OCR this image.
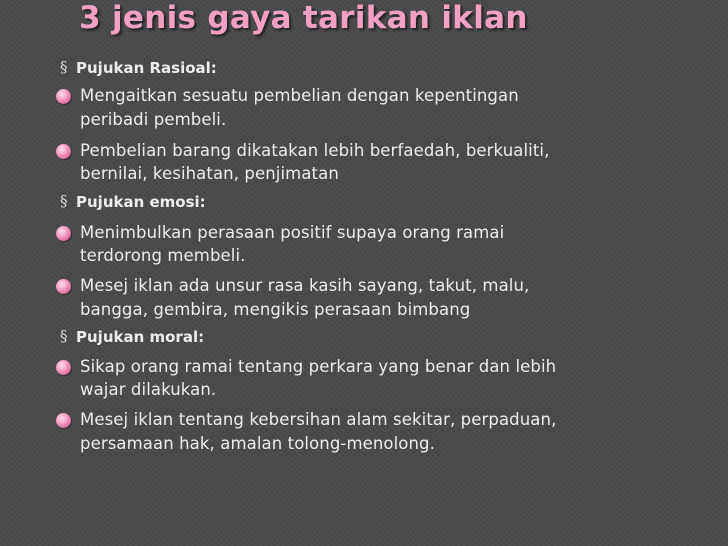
3 jenis gaya tarikan iklan
§ Pujukan Rasioal:
Mengaitkan sesuatu pembelian dengan kepentingan
peribadi pembeli.
Pembelian barang dikatakan lebih berfaedah, berkualiti,
bernilai, kesihatan, penjimatan
§ Pujukan emosi:
Menimbulkan perasaan positif supaya orang ramai
terdorong membeli.
Mesej iklan ada unsur rasa kasih sayang, takut, malu,
bangga, gembira, mengikis perasaan bimbang
§ Pujukan moral:
Sikap orang ramai tentang perkara yang benar dan lebih
wajar dilakukan.
Mesej iklan tentang kebersihan alam sekitar, perpaduan,
persamaan hak, amalan tolong-menolong.
